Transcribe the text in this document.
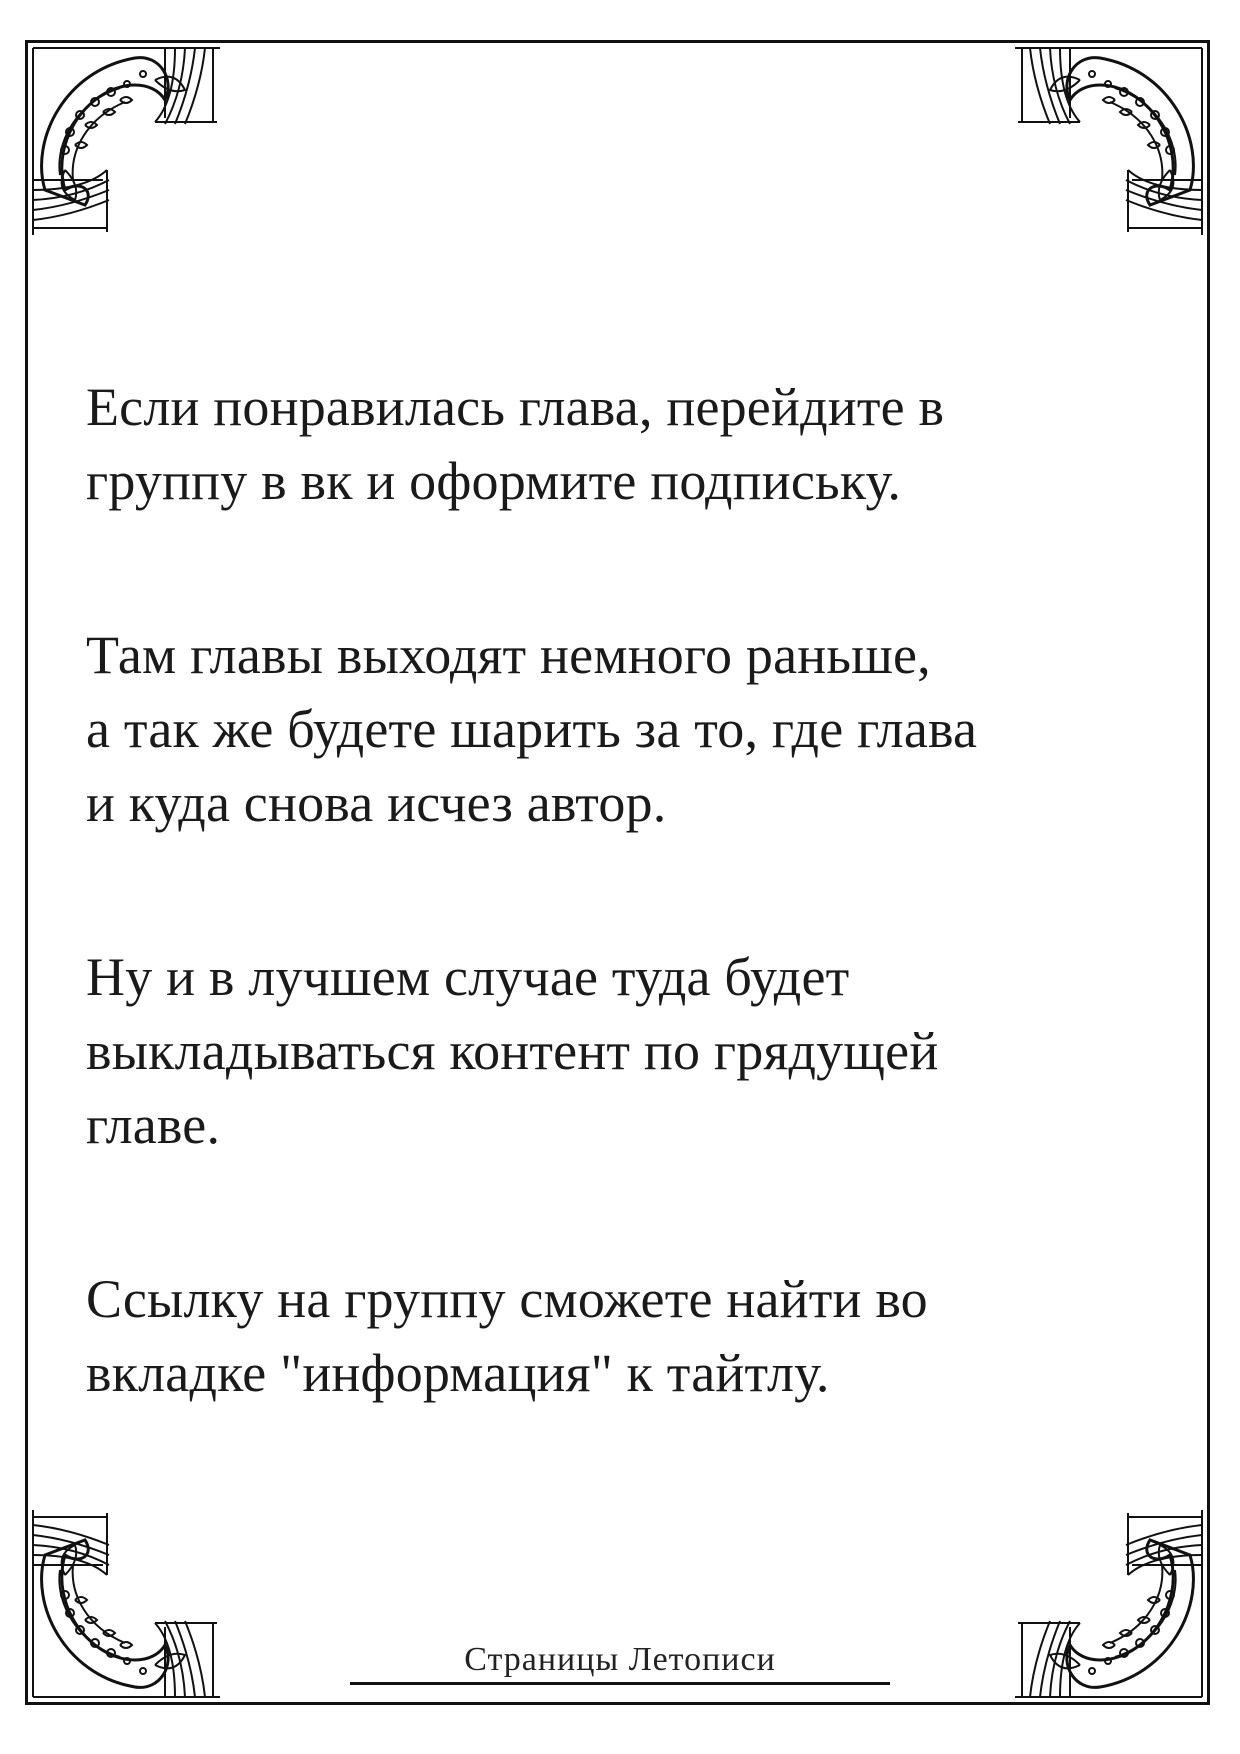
Если понравилась глава, перейдите в
группу в вк и оформите подпиську.

Там главы выходят немного раньше,
а так же будете шарить за то, где глава
и куда снова исчез автор.

Ну и в лучшем случае туда будет
выкладываться контент по грядущей
главе.

Ссылку на группу сможете найти во
вкладке "информация" к тайтлу.

Страницы Летописи
